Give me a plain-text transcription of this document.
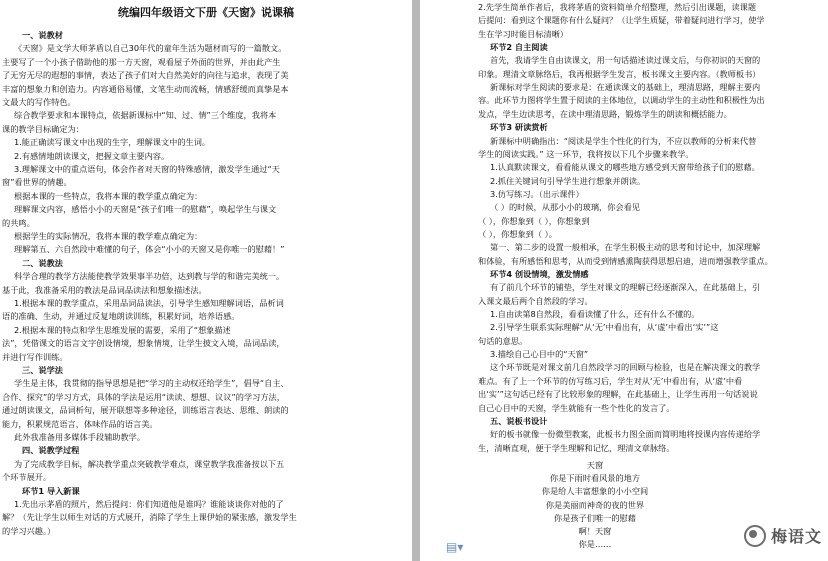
统编四年级语文下册《天窗》说课稿
一、说教材
《天窗》是文学大师茅盾以自己30年代的童年生活为题材而写的一篇散文。
主要写了一个小孩子借助他的那一方天窗，观看屋子外面的世界，并由此产生
了无穷无尽的遐想的事情，表达了孩子们对大自然美好的向往与追求，表现了美
丰富的想象力和创造力。内容通俗易懂，文笔生动而流畅，情感舒缓而真挚是本
文最大的写作特色。
综合教学要求和本课特点，依据新课标中“知、过、情”三个维度，我将本
课的教学目标确定为：
1.能正确读写课文中出现的生字，理解课文中的生词。
2.有感情地朗读课文，把握文章主要内容。
3.理解课文中的重点语句，体会作者对天窗的特殊感情，激发学生通过“天
窗”看世界的情趣。
根据本课的一些特点，我将本课的教学重点确定为：
理解课文内容，感悟小小的天窗是“孩子们唯一的慰藉”，唤起学生与课文
的共鸣。
根据学生的实际情况，我将本课的教学难点确定为：
理解第五、六自然段中难懂的句子，体会“小小的天窗又是你唯一的慰藉！”
二、说教法
科学合理的教学方法能使教学效果事半功倍，达到教与学的和谐完美统一。
基于此，我准备采用的教法是品词品读法和想象描述法。
1.根据本课的教学重点，采用品词品读法，引导学生感知理解词语，品析词
语的准确、生动，并通过反复地朗读训练，积累好词，培养语感。
2.根据本课的特点和学生思维发展的需要，采用了“想象描述
法”，凭借课文的语言文字创设情境，想象情境，让学生披文入境，品词品读，
并进行写作训练。
三、说学法
学生是主体，我贯彻的指导思想是把“学习的主动权还给学生”，倡导“自主、
合作、探究”的学习方式，具体的学法是运用“读读、想想、议议”的学习方法，
通过朗读课文，品词析句，展开联想等多种途径，训练语言表达、思维、朗读的
能力，积累规范语言，体味作品的语言美。
此外我准备用多媒体手段辅助教学。
四、说教学过程
为了完成教学目标，解决教学重点突破教学难点，课堂教学我准备按以下五
个环节展开。
环节1 导入新课
1.先出示茅盾的照片，然后提问：你们知道他是谁吗？谁能谈谈你对他的了
解？（先让学生以师生对话的方式展开，消除了学生上课伊始的紧张感，激发学生
的学习兴趣。）
2.先学生简单作者后，我将茅盾的资料简单介绍整理，然后引出课题，读课题
后提问：看到这个课题你有什么疑问？（让学生质疑，带着疑问进行学习，使学
生在学习时能目标清晰）
环节2 自主阅读
首先，我请学生自由读课文，用一句话描述读过课文后，与你初识的天窗的
印象。理清文章脉络后，我再根据学生发言，板书课文主要内容。（教师板书）
新课标对学生阅读的要求是：在通读课文的基础上，理清思路，理解主要内
容。此环节力图将学生置于阅读的主体地位，以调动学生的主动性和积极性为出
发点，学生边读思考，在读中理清思路，锻炼学生的朗读和概括能力。
环节3 研读赏析
新课标中明确指出：“阅读是学生个性化的行为，不应以教师的分析来代替
学生的阅读实践。” 这一环节，我将按以下几个步骤来教学。
1.认真默读课文，看看能从课文的哪些地方感受到天窗带给孩子们的慰藉。
2.抓住关键词句引导学生进行想象并朗读。
3.仿写练习。（出示课件）
（ ）的时候，从那小小的玻璃，你会看见
（ ），你想象到（ ），你想象到
（ ），你想象到（ ）。
第一、第二步的设置一般相承，在学生积极主动的思考和讨论中，加深理解
和体验，有所感悟和思考，从而受到情感熏陶获得思想启迪，进而增强教学重点。
环节4 创设情境，激发情感
有了前几个环节的铺垫，学生对课文的理解已经逐渐深入，在此基础上，引
入课文最后两个自然段的学习。
1.自由读第8自然段，看看读懂了什么，还有什么不懂的。
2.引导学生联系实际理解“从‘无’中看出有，从‘虚’中看出‘实’”这
句话的意思。
3.描绘自己心目中的“天窗”
这个环节既是对课文前几自然段学习的回顾与检验，也是在解决课文的教学
难点。有了上一个环节的仿写练习后，学生对从‘无’中看出有，从‘虚’中看
出‘实’”这句话已经有了比较形象的理解，在此基础上，让学生再用一句话说说
自己心目中的天窗，学生就能有一些个性化的发言了。
五、说板书设计
好的板书就像一份微型教案，此板书力图全面而简明地将授课内容传递给学
生，清晰直观，便于学生理解和记忆，理清文章脉络。
天窗
你是下雨时看风景的地方
你是给人丰富想象的小小空间
你是美丽而神奇的夜的世界
你是孩子们唯一的慰藉
啊！天窗
你是……	梅语文
▤▾
